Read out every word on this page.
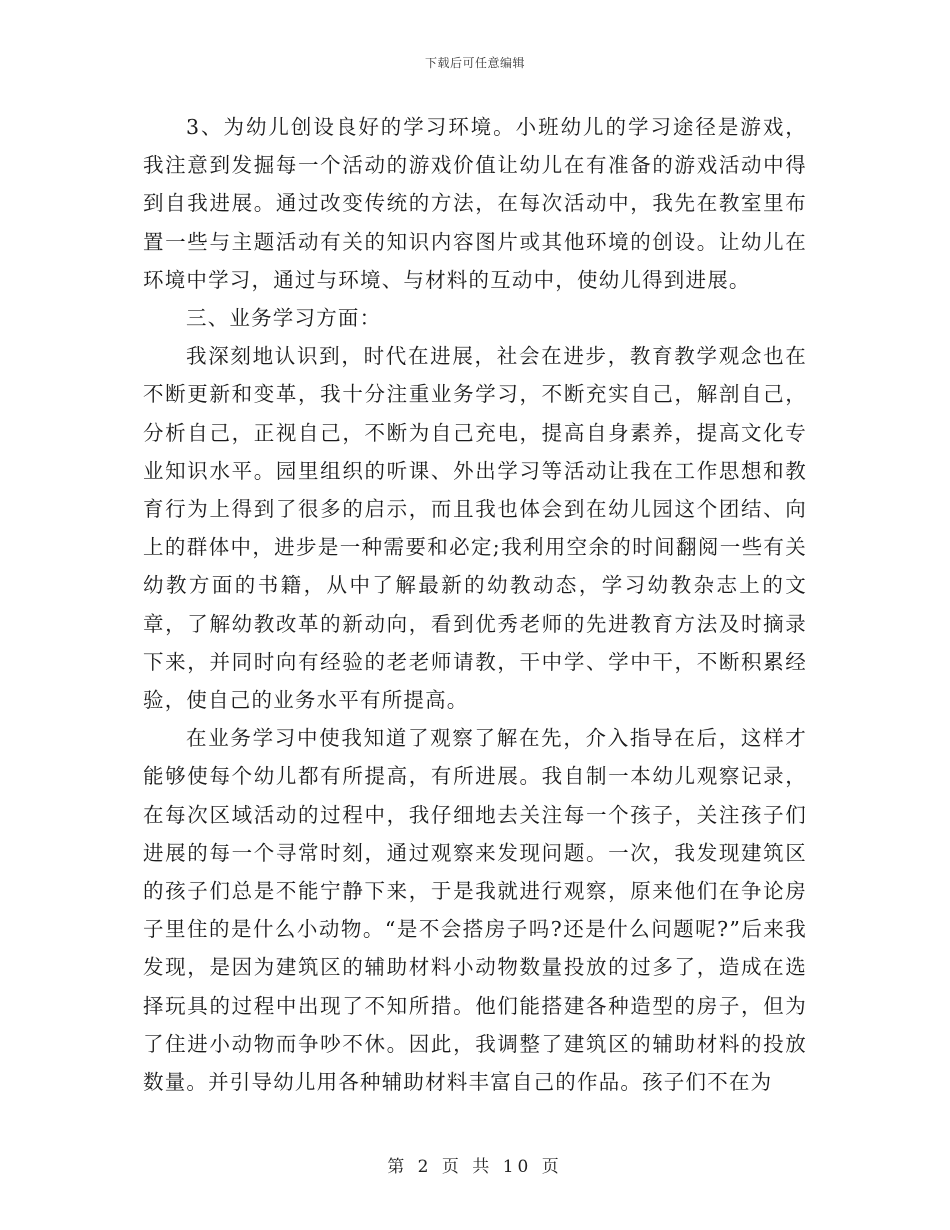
下载后可任意编辑

3、为幼儿创设良好的学习环境。小班幼儿的学习途径是游戏，我注意到发掘每一个活动的游戏价值让幼儿在有准备的游戏活动中得到自我进展。通过改变传统的方法，在每次活动中，我先在教室里布置一些与主题活动有关的知识内容图片或其他环境的创设。让幼儿在环境中学习，通过与环境、与材料的互动中，使幼儿得到进展。

三、业务学习方面：

我深刻地认识到，时代在进展，社会在进步，教育教学观念也在不断更新和变革，我十分注重业务学习，不断充实自己，解剖自己，分析自己，正视自己，不断为自己充电，提高自身素养，提高文化专业知识水平。园里组织的听课、外出学习等活动让我在工作思想和教育行为上得到了很多的启示，而且我也体会到在幼儿园这个团结、向上的群体中，进步是一种需要和必定;我利用空余的时间翻阅一些有关幼教方面的书籍，从中了解最新的幼教动态，学习幼教杂志上的文章，了解幼教改革的新动向，看到优秀老师的先进教育方法及时摘录下来，并同时向有经验的老老师请教，干中学、学中干，不断积累经验，使自己的业务水平有所提高。

在业务学习中使我知道了观察了解在先，介入指导在后，这样才能够使每个幼儿都有所提高，有所进展。我自制一本幼儿观察记录，在每次区域活动的过程中，我仔细地去关注每一个孩子，关注孩子们进展的每一个寻常时刻，通过观察来发现问题。一次，我发现建筑区的孩子们总是不能宁静下来，于是我就进行观察，原来他们在争论房子里住的是什么小动物。“是不会搭房子吗?还是什么问题呢?”后来我发现，是因为建筑区的辅助材料小动物数量投放的过多了，造成在选择玩具的过程中出现了不知所措。他们能搭建各种造型的房子，但为了住进小动物而争吵不休。因此，我调整了建筑区的辅助材料的投放数量。并引导幼儿用各种辅助材料丰富自己的作品。孩子们不在为

第 2 页 共 10 页
